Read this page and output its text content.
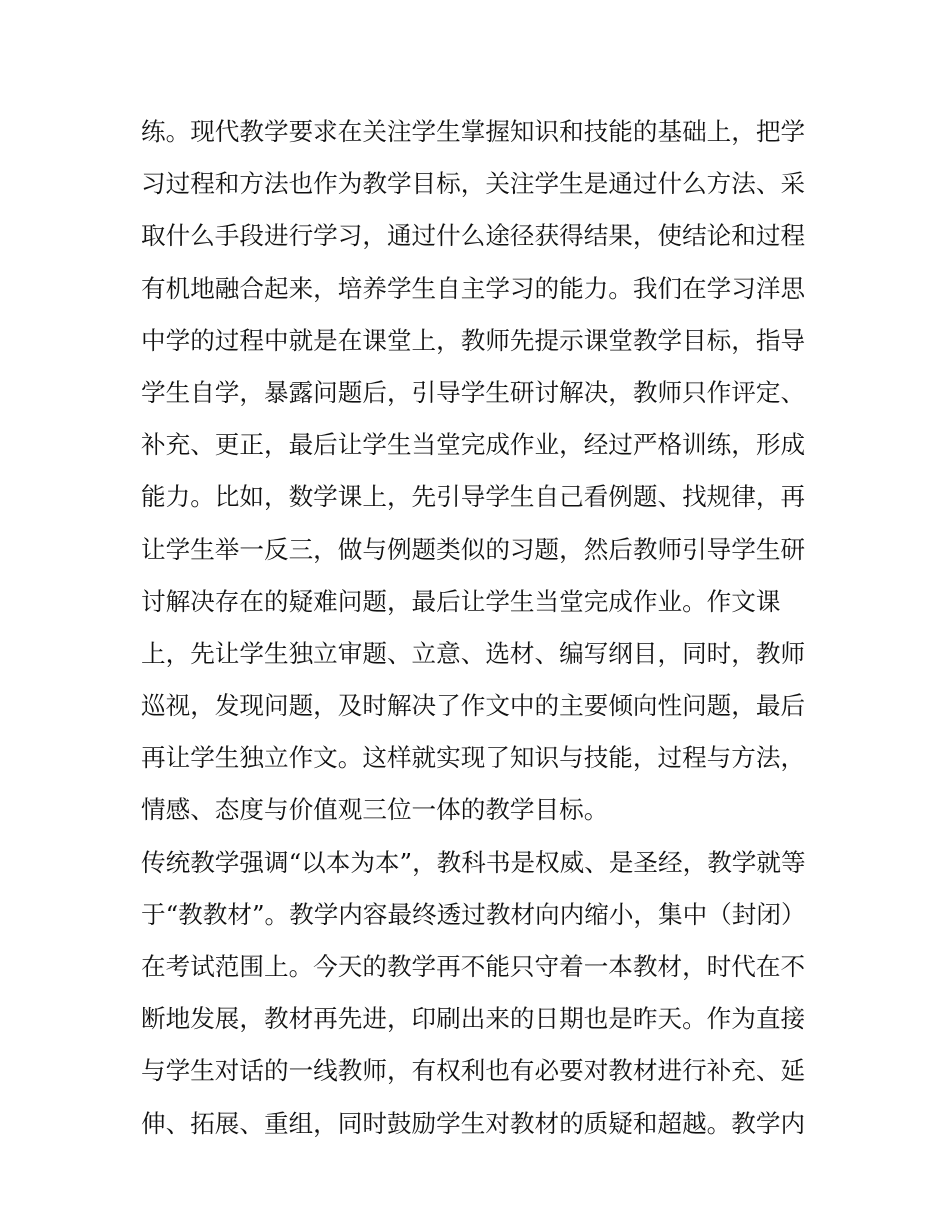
练。现代教学要求在关注学生掌握知识和技能的基础上，把学
习过程和方法也作为教学目标，关注学生是通过什么方法、采
取什么手段进行学习，通过什么途径获得结果，使结论和过程
有机地融合起来，培养学生自主学习的能力。我们在学习洋思
中学的过程中就是在课堂上，教师先提示课堂教学目标，指导
学生自学，暴露问题后，引导学生研讨解决，教师只作评定、
补充、更正，最后让学生当堂完成作业，经过严格训练，形成
能力。比如，数学课上，先引导学生自己看例题、找规律，再
让学生举一反三，做与例题类似的习题，然后教师引导学生研
讨解决存在的疑难问题，最后让学生当堂完成作业。作文课
上，先让学生独立审题、立意、选材、编写纲目，同时，教师
巡视，发现问题，及时解决了作文中的主要倾向性问题，最后
再让学生独立作文。这样就实现了知识与技能，过程与方法，
情感、态度与价值观三位一体的教学目标。
传统教学强调“以本为本”，教科书是权威、是圣经，教学就等
于“教教材”。教学内容最终透过教材向内缩小，集中（封闭）
在考试范围上。今天的教学再不能只守着一本教材，时代在不
断地发展，教材再先进，印刷出来的日期也是昨天。作为直接
与学生对话的一线教师，有权利也有必要对教材进行补充、延
伸、拓展、重组，同时鼓励学生对教材的质疑和超越。教学内
